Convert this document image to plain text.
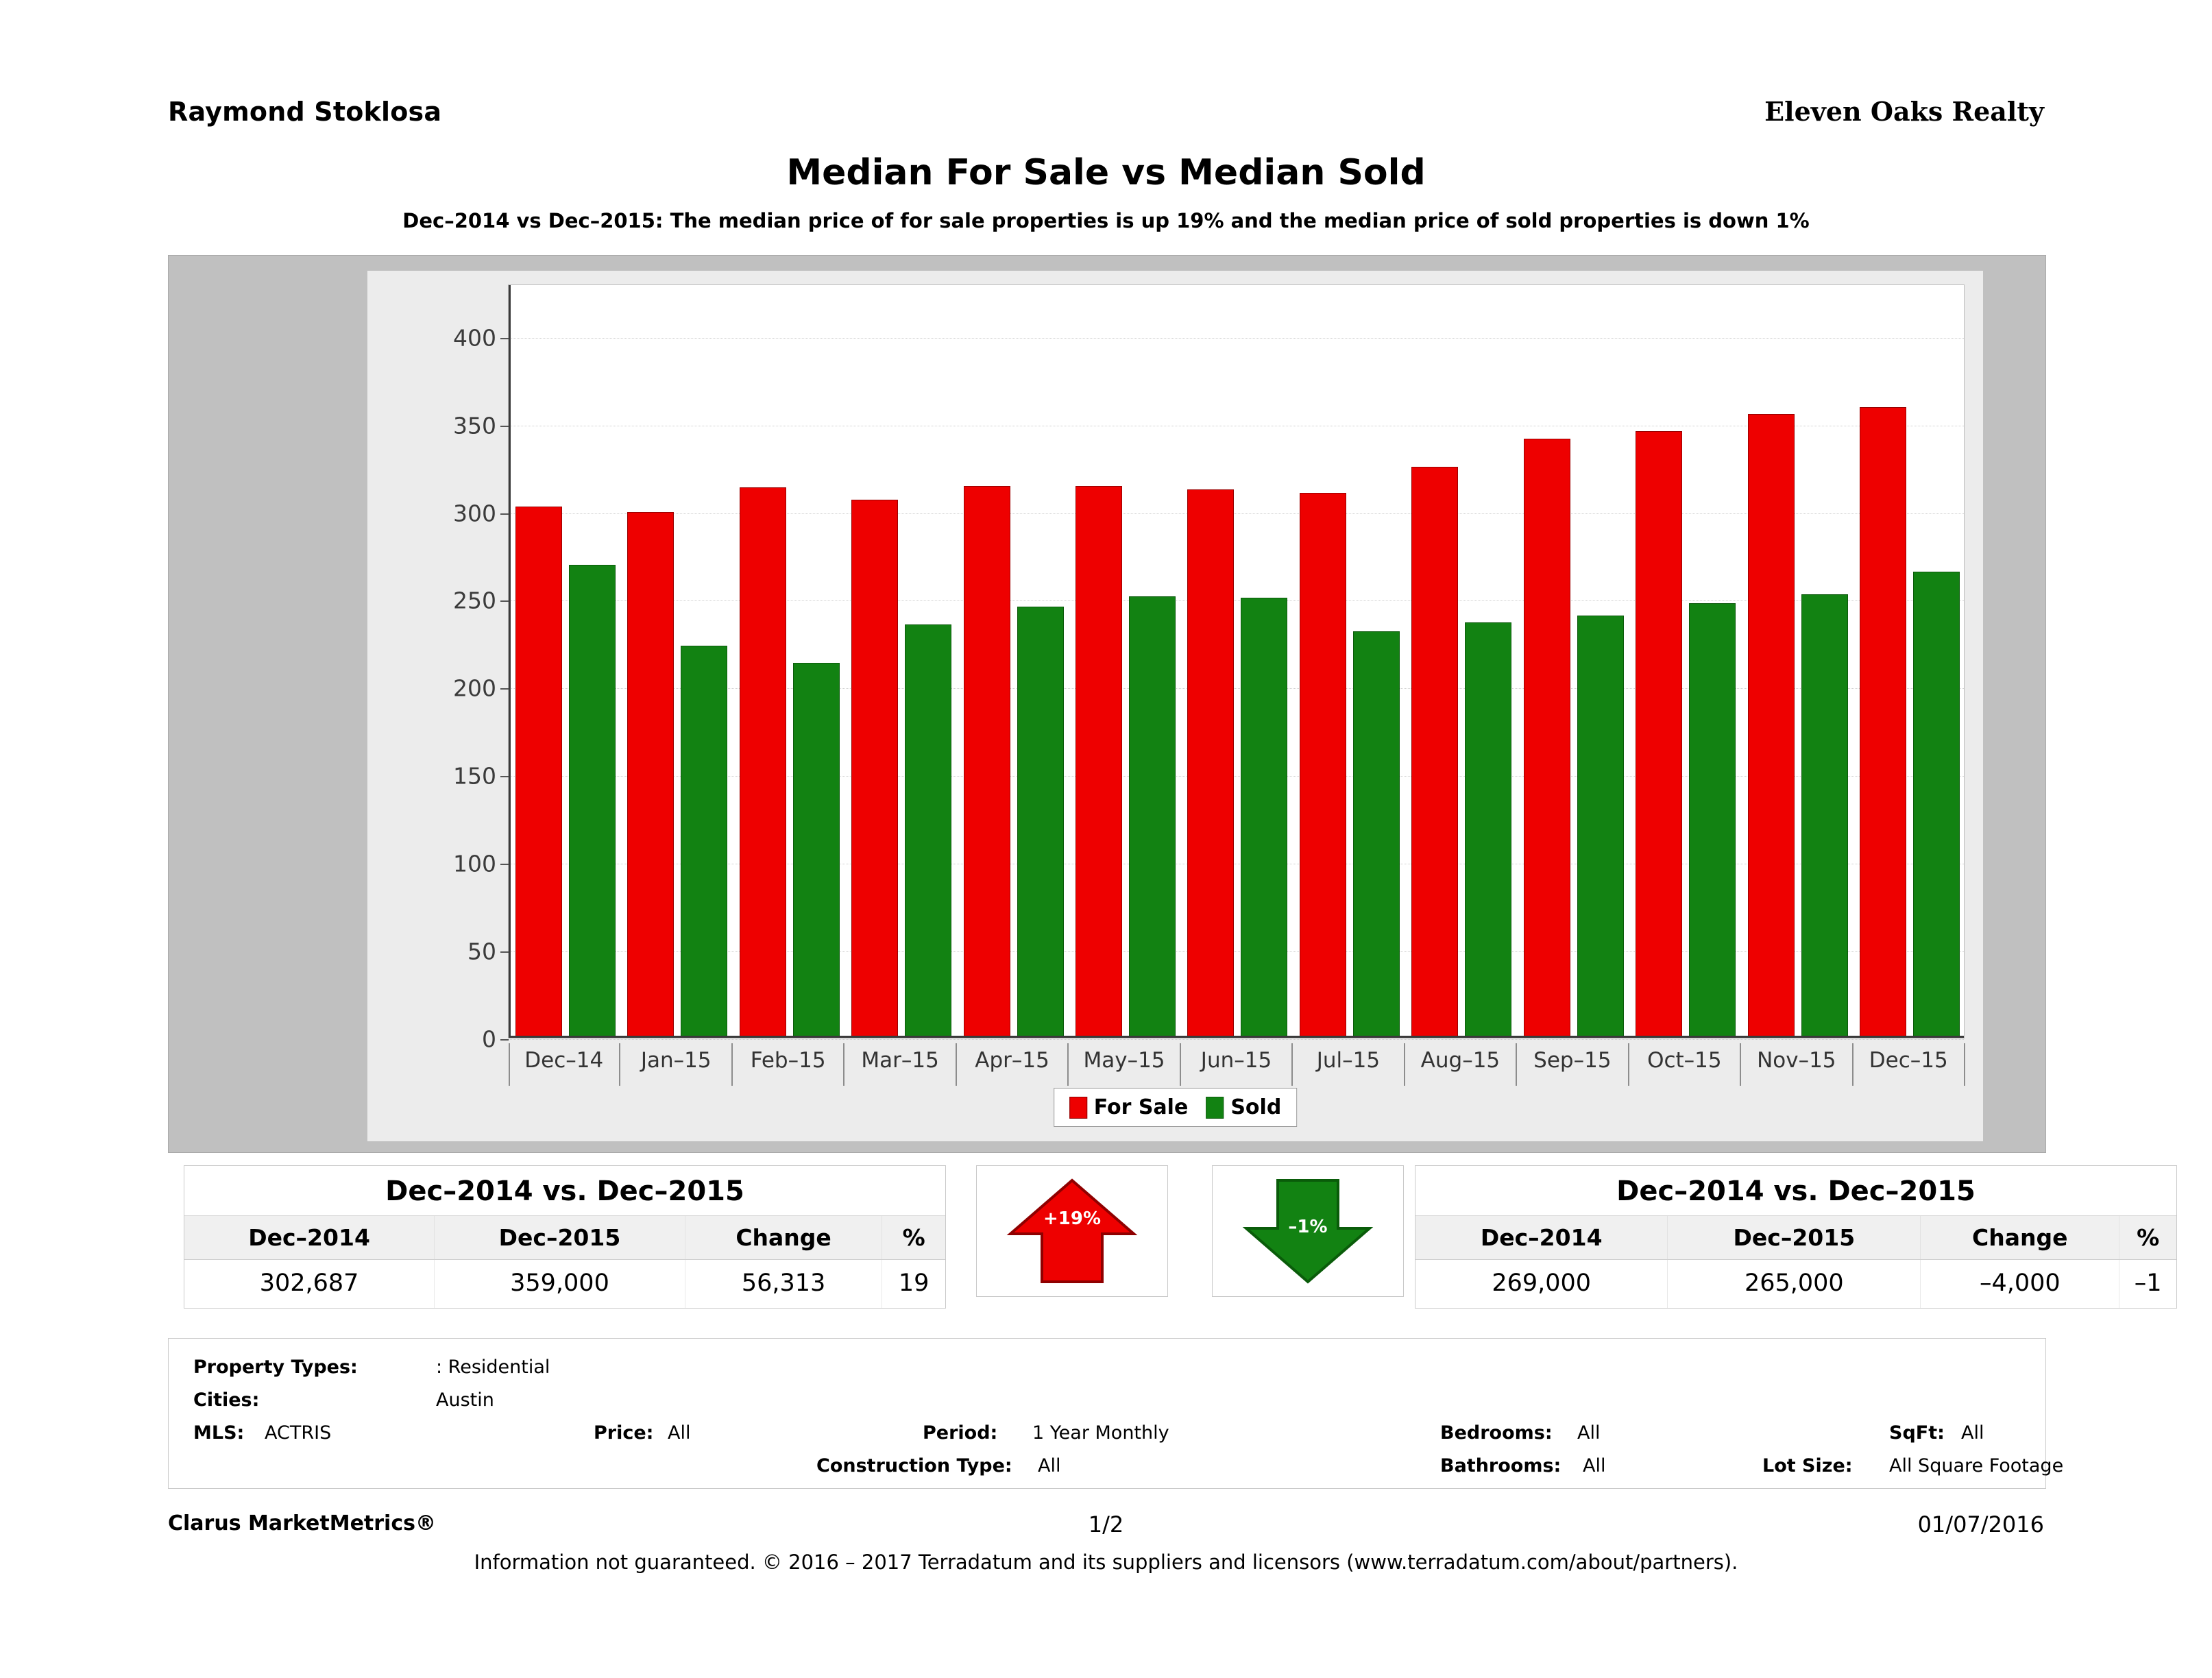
Raymond Stoklosa	Eleven Oaks Realty
Median For Sale vs Median Sold
Dec–2014 vs Dec–2015: The median price of for sale properties is up 19% and the median price of sold properties is down 1%
0
50
100
150
200
250
300
350
400
Dec–14	Jan–15	Feb–15	Mar–15	Apr–15	May–15	Jun–15	Jul–15	Aug–15	Sep–15	Oct–15	Nov–15	Dec–15
For Sale Sold
Dec–2014 vs. Dec–2015
Dec–2014	Dec–2015	Change	%
302,687	359,000	56,313	19
+19%	–1%
Dec–2014 vs. Dec–2015
Dec–2014	Dec–2015	Change	%
269,000	265,000	–4,000	–1
Property Types:	: Residential
Cities:	Austin
MLS: ACTRIS	Price: All	Period: 1 Year Monthly	Bedrooms: All	SqFt: All
Construction Type: All	Bathrooms: All	Lot Size: All Square Footage
Clarus MarketMetrics®	1/2	01/07/2016
Information not guaranteed. © 2016 – 2017 Terradatum and its suppliers and licensors (www.terradatum.com/about/partners).
